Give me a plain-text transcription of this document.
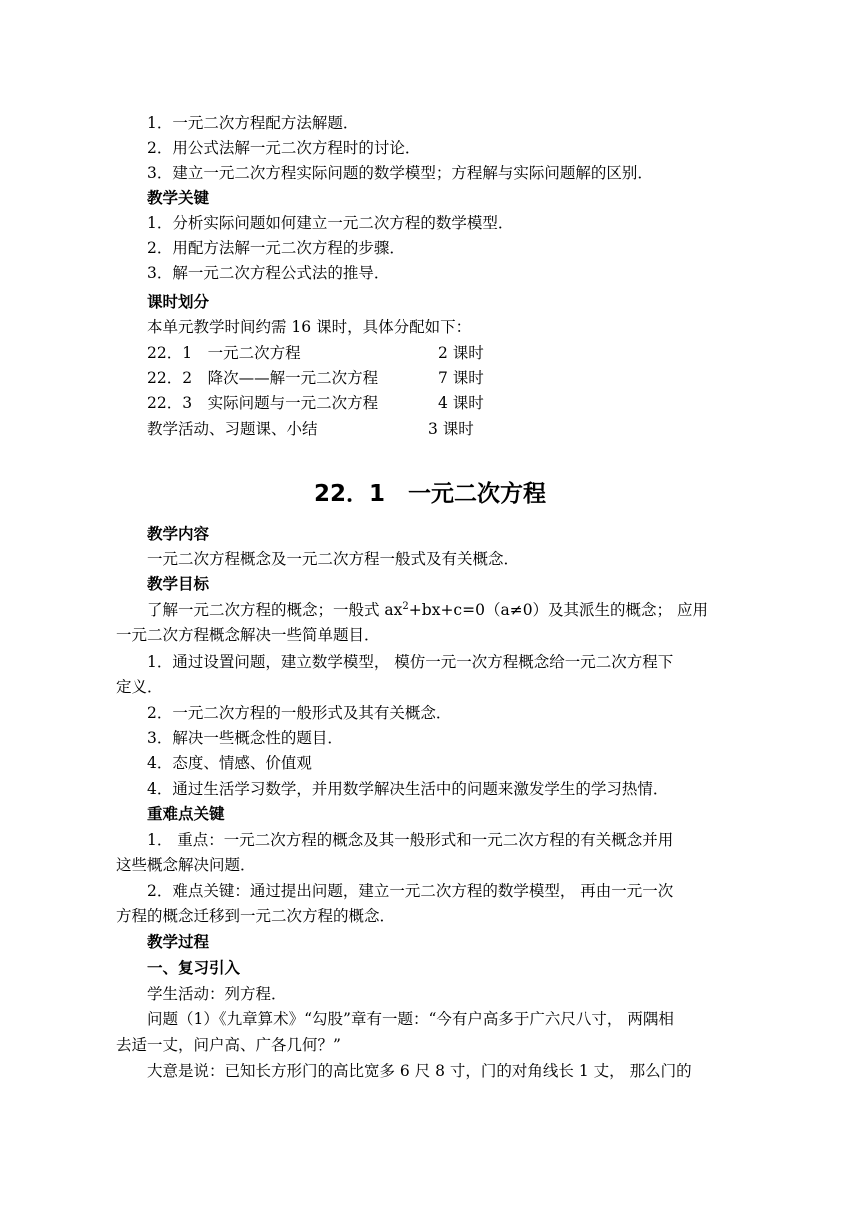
1．一元二次方程配方法解题．
2．用公式法解一元二次方程时的讨论．
3．建立一元二次方程实际问题的数学模型；方程解与实际问题解的区别．
教学关键
1．分析实际问题如何建立一元二次方程的数学模型．
2．用配方法解一元二次方程的步骤．
3．解一元二次方程公式法的推导．
课时划分
本单元教学时间约需 16 课时，具体分配如下：
22．1　一元二次方程	2 课时
22．2　降次——解一元二次方程	7 课时
22．3　实际问题与一元二次方程	4 课时
教学活动、习题课、小结	3 课时
22．1　一元二次方程
教学内容
一元二次方程概念及一元二次方程一般式及有关概念．
教学目标
了解一元二次方程的概念；一般式 $ax^2+bx+c=0(a\ne 0)$及其派生的概念； 应用
一元二次方程概念解决一些简单题目．
1．通过设置问题，建立数学模型， 模仿一元一次方程概念给一元二次方程下
定义．
2．一元二次方程的一般形式及其有关概念．
3．解决一些概念性的题目．
4．态度、情感、价值观
4．通过生活学习数学，并用数学解决生活中的问题来激发学生的学习热情．
重难点关键
1． 重点：一元二次方程的概念及其一般形式和一元二次方程的有关概念并用
这些概念解决问题．
2．难点关键：通过提出问题，建立一元二次方程的数学模型， 再由一元一次
方程的概念迁移到一元二次方程的概念．
教学过程
一、复习引入
学生活动：列方程．
问题（1）《九章算术》“勾股”章有一题：“今有户高多于广六尺八寸， 两隅相
去适一丈，问户高、广各几何？”
大意是说：已知长方形门的高比宽多 6 尺 8 寸，门的对角线长 1 丈， 那么门的
